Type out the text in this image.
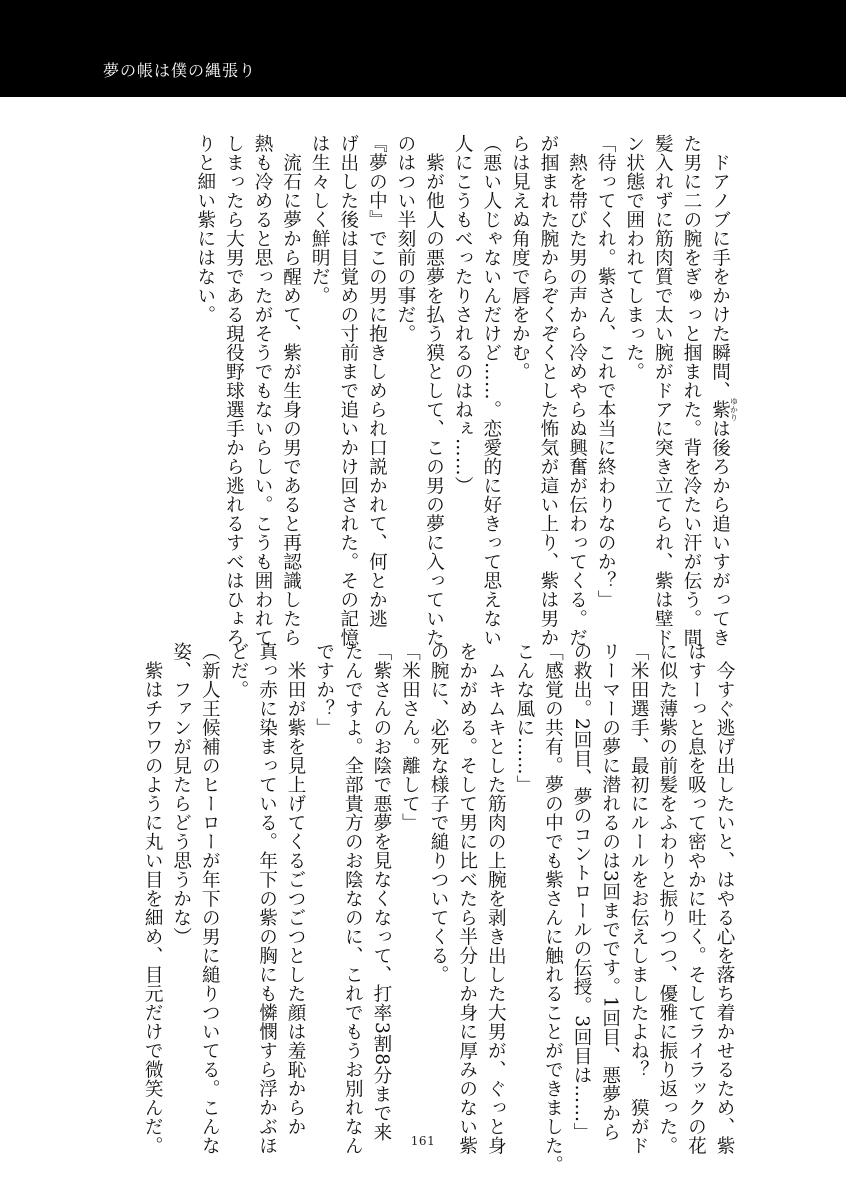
夢の帳は僕の縄張り
　ドアノブに手をかけた瞬間、紫 ゆかりは後ろから追いすがってき
た男に二の腕をぎゅっと掴まれた。背を冷たい汗が伝う。間
髪入れずに筋肉質で太い腕がドアに突き立てられ、紫は壁ド
ン状態で囲われてしまった。
「待ってくれ。紫さん、これで本当に終わりなのか？」
　熱を帯びた男の声から冷めやらぬ興奮が伝わってくる。だ
が掴まれた腕からぞくぞくとした怖気が這い上り、紫は男か
らは見えぬ角度で唇をかむ。
（悪い人じゃないんだけど……。恋愛的に好きって思えない
人にこうもべったりされるのはねぇ……）
　紫が他人の悪夢を払う獏として、この男の夢に入っていた
のはつい半刻前の事だ。
『夢の中』でこの男に抱きしめられ口説かれて、何とか逃
げ出した後は目覚めの寸前まで追いかけ回された。その記憶
は生々しく鮮明だ。
　流石に夢から醒めて、紫が生身の男であると再認識したら
熱も冷めると思ったがそうでもないらしい。こうも囲われて
しまったら大男である現役野球選手から逃れるすべはひょろ
りと細い紫にはない。
　今すぐ逃げ出したいと、はやる心を落ち着かせるため、紫
はすーっと息を吸って密やかに吐く。そしてライラックの花
に似た薄紫の前髪をふわりと振りつつ、優雅に振り返った。
「米田選手、最初にルールをお伝えしましたよね？　獏がド
リーマーの夢に潜れるのは3回までです。1回目、悪夢から
の救出。2回目、夢のコントロールの伝授。3回目は……」
「感覚の共有。夢の中でも紫さんに触れることができました。
こんな風に……」
　ムキムキとした筋肉の上腕を剥き出した大男が、ぐっと身
をかがめる。そして男に比べたら半分しか身に厚みのない紫
の腕に、必死な様子で縋りついてくる。
「米田さん。離して」
「紫さんのお陰で悪夢を見なくなって、打率3割8分まで来
たんですよ。全部貴方のお陰なのに、これでもうお別れなん
ですか？」
　米田が紫を見上げてくるごつごつとした顔は羞恥からか
真っ赤に染まっている。年下の紫の胸にも憐憫すら浮かぶほ
どだ。
（新人王候補のヒーローが年下の男に縋りついてる。こんな
姿、ファンが見たらどう思うかな）
　紫はチワワのように丸い目を細め、目元だけで微笑んだ。	161
